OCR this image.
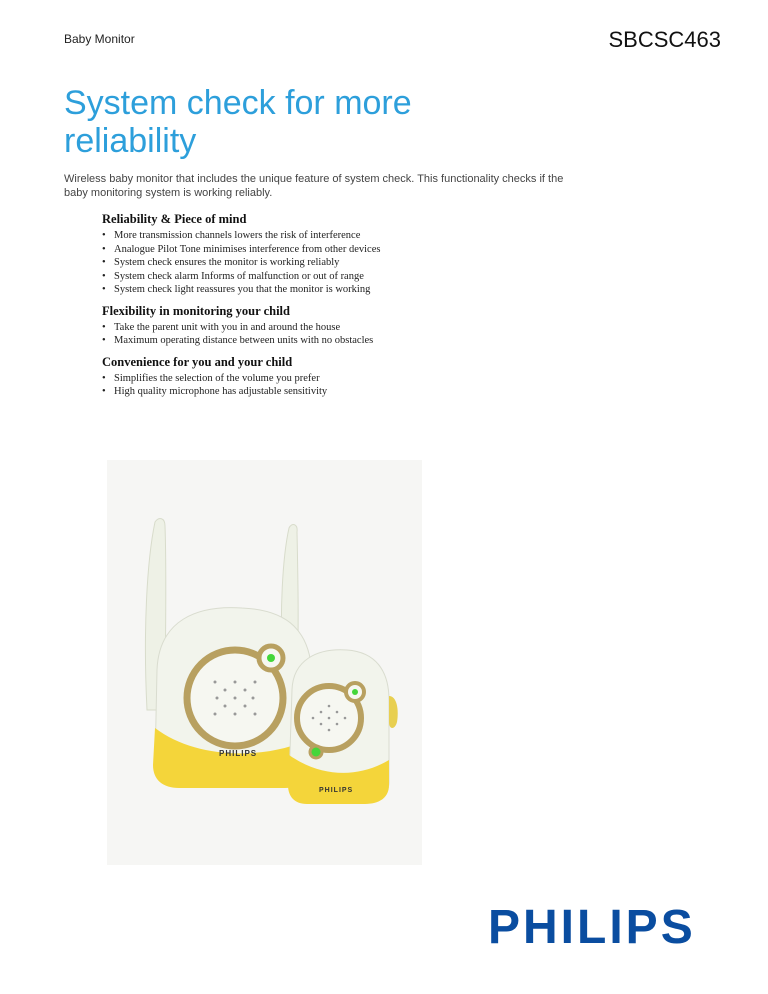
Baby Monitor	SBCSC463
System check for more reliability

Wireless baby monitor that includes the unique feature of system check. This functionality checks if the baby monitoring system is working reliably.

Reliability & Piece of mind
• More transmission channels lowers the risk of interference
• Analogue Pilot Tone minimises interference from other devices
• System check ensures the monitor is working reliably
• System check alarm Informs of malfunction or out of range
• System check light reassures you that the monitor is working
Flexibility in monitoring your child
• Take the parent unit with you in and around the house
• Maximum operating distance between units with no obstacles
Convenience for you and your child
• Simplifies the selection of the volume you prefer
• High quality microphone has adjustable sensitivity
PHILIPS
PHILIPS
PHILIPS
